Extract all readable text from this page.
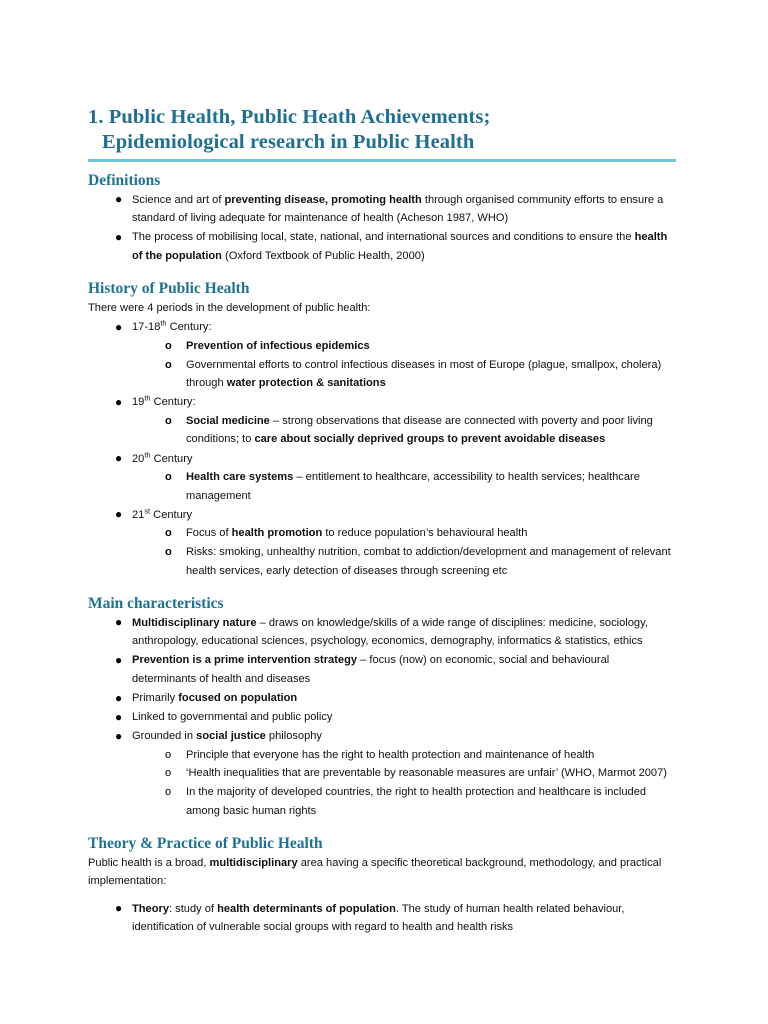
1. Public Health, Public Heath Achievements;
Epidemiological research in Public Health
Definitions
● Science and art of preventing disease, promoting health through organised community efforts to ensure a standard of living adequate for maintenance of health (Acheson 1987, WHO)
● The process of mobilising local, state, national, and international sources and conditions to ensure the health of the population (Oxford Textbook of Public Health, 2000)
History of Public Health

There were 4 periods in the development of public health:

● 17-18th Century:
o Prevention of infectious epidemics
o Governmental efforts to control infectious diseases in most of Europe (plague, smallpox, cholera) through water protection & sanitations
● 19th Century:
o Social medicine – strong observations that disease are connected with poverty and poor living conditions; to care about socially deprived groups to prevent avoidable diseases
● 20th Century
o Health care systems – entitlement to healthcare, accessibility to health services; healthcare management
● 21st Century
o Focus of health promotion to reduce population’s behavioural health
o Risks: smoking, unhealthy nutrition, combat to addiction/development and management of relevant health services, early detection of diseases through screening etc
Main characteristics
● Multidisciplinary nature – draws on knowledge/skills of a wide range of disciplines: medicine, sociology, anthropology, educational sciences, psychology, economics, demography, informatics & statistics, ethics
● Prevention is a prime intervention strategy – focus (now) on economic, social and behavioural determinants of health and diseases
● Primarily focused on population
● Linked to governmental and public policy
● Grounded in social justice philosophy
o Principle that everyone has the right to health protection and maintenance of health
o ‘Health inequalities that are preventable by reasonable measures are unfair’ (WHO, Marmot 2007)
o In the majority of developed countries, the right to health protection and healthcare is included among basic human rights
Theory & Practice of Public Health

Public health is a broad, multidisciplinary area having a specific theoretical background, methodology, and practical implementation:

● Theory: study of health determinants of population. The study of human health related behaviour, identification of vulnerable social groups with regard to health and health risks
